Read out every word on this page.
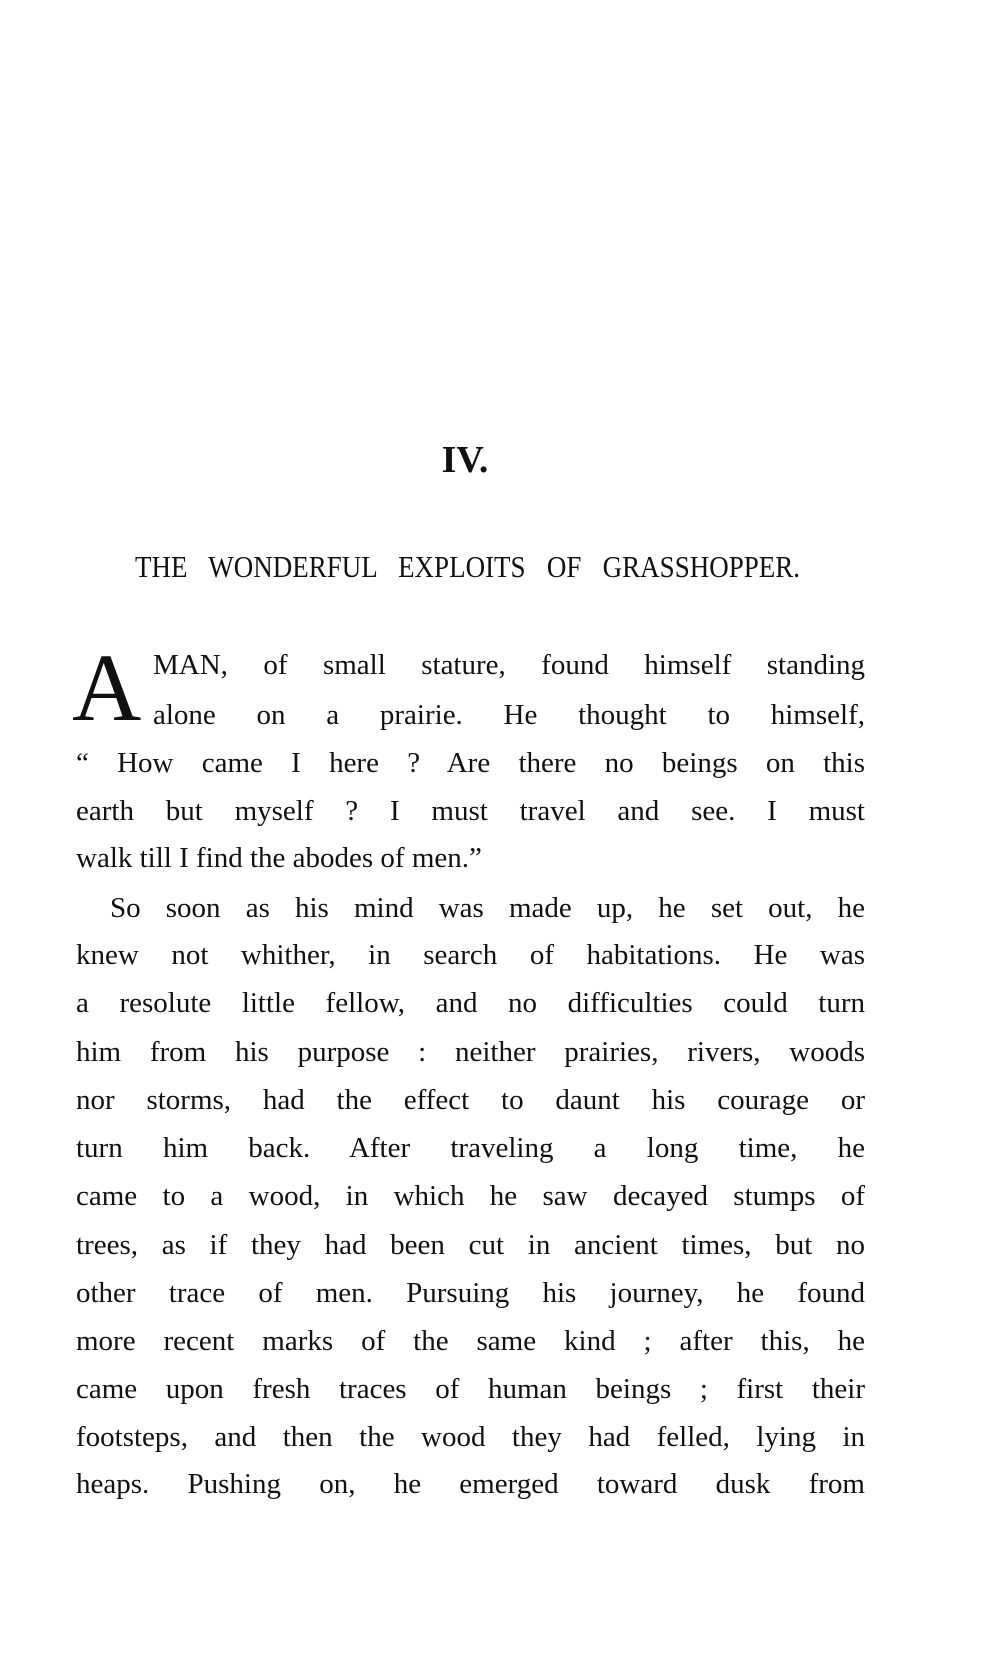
IV.
THE WONDERFUL EXPLOITS OF GRASSHOPPER.
A MAN, of small stature, found himself standing
alone on a prairie. He thought to himself,
“ How came I here ? Are there no beings on this
earth but myself ? I must travel and see. I must
walk till I find the abodes of men.”
So soon as his mind was made up, he set out, he
knew not whither, in search of habitations. He was
a resolute little fellow, and no difficulties could turn
him from his purpose : neither prairies, rivers, woods
nor storms, had the effect to daunt his courage or
turn him back. After traveling a long time, he
came to a wood, in which he saw decayed stumps of
trees, as if they had been cut in ancient times, but no
other trace of men. Pursuing his journey, he found
more recent marks of the same kind ; after this, he
came upon fresh traces of human beings ; first their
footsteps, and then the wood they had felled, lying in
heaps. Pushing on, he emerged toward dusk from
